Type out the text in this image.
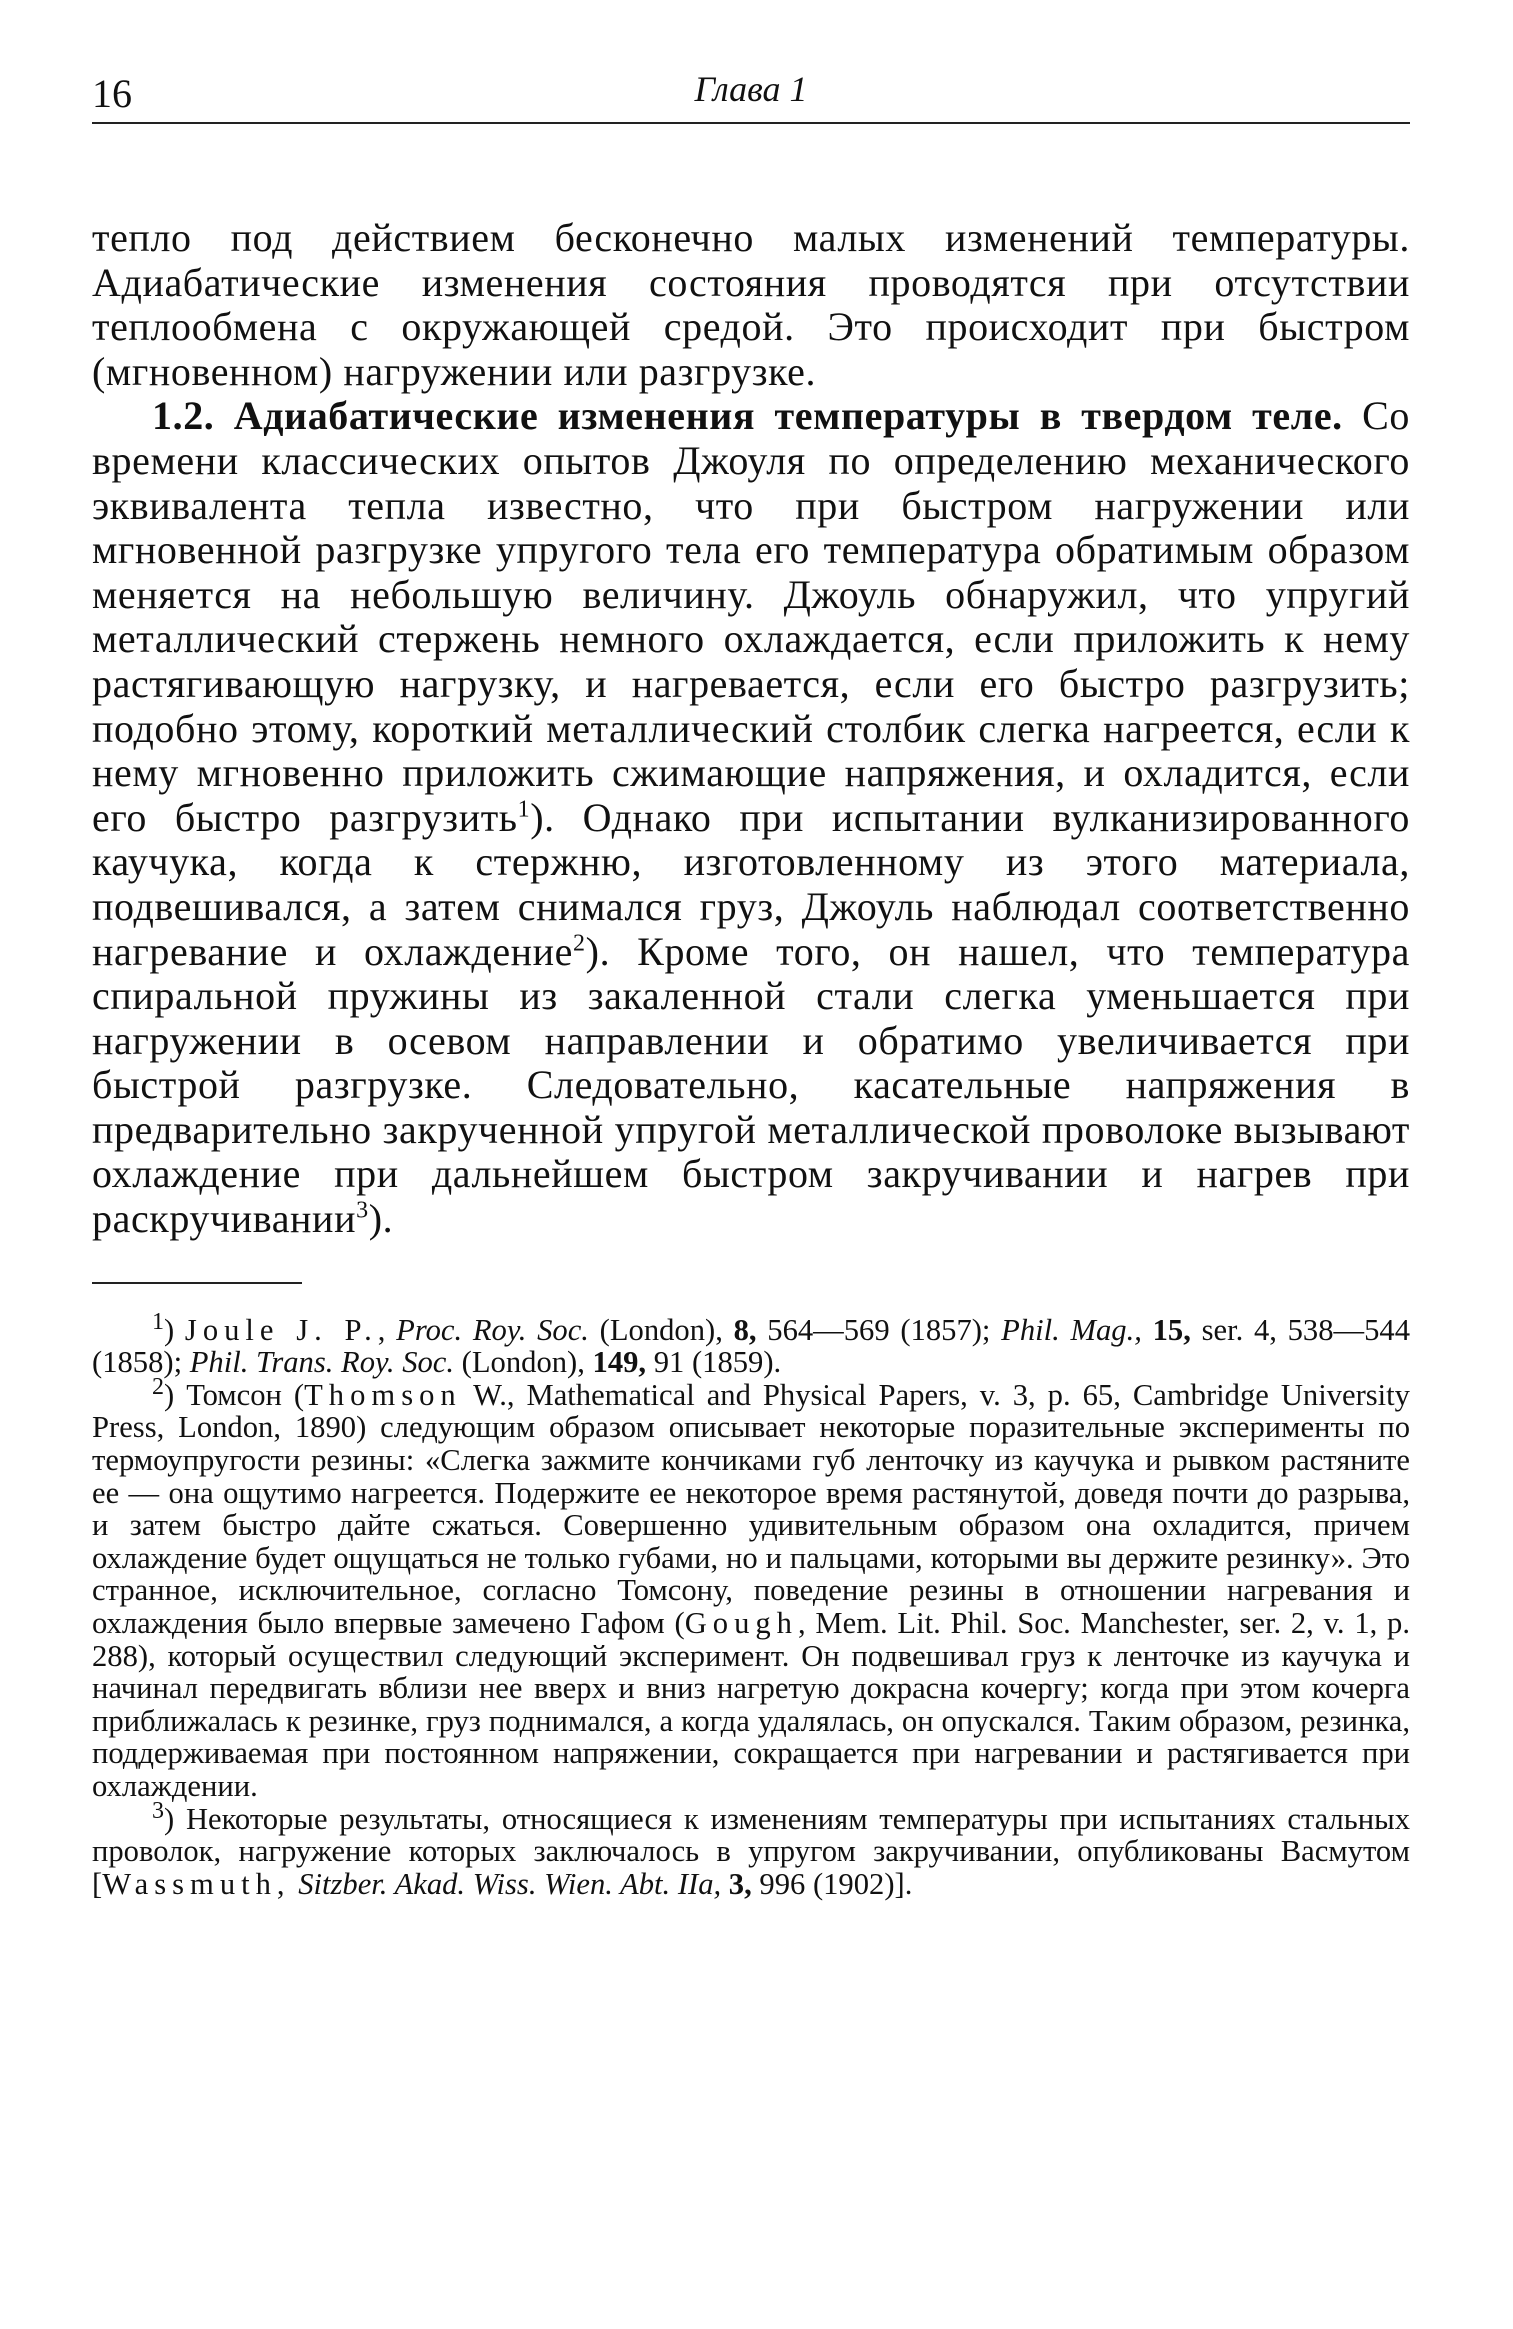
16	Глава 1

тепло под действием бесконечно малых изменений температуры. Адиабатические изменения состояния проводятся при отсутствии теплообмена с окружающей средой. Это происходит при быстром (мгновенном) нагружении или разгрузке.

1.2. Адиабатические изменения температуры в твердом теле. Со времени классических опытов Джоуля по определению механического эквивалента тепла известно, что при быстром нагружении или мгновенной разгрузке упругого тела его температура обратимым образом меняется на небольшую величину. Джоуль обнаружил, что упругий металлический стержень немного охлаждается, если приложить к нему растягивающую нагрузку, и нагревается, если его быстро разгрузить; подобно этому, короткий металлический столбик слегка нагреется, если к нему мгновенно приложить сжимающие напряжения, и охладится, если его быстро разгрузить$^1$). Однако при испытании вулканизированного каучука, когда к стержню, изготовленному из этого материала, подвешивался, а затем снимался груз, Джоуль наблюдал соответственно нагревание и охлаждение$^2$). Кроме того, он нашел, что температура спиральной пружины из закаленной стали слегка уменьшается при нагружении в осевом направлении и обратимо увеличивается при быстрой разгрузке. Следовательно, касательные напряжения в предварительно закрученной упругой металлической проволоке вызывают охлаждение при дальнейшем быстром закручивании и нагрев при раскручивании$^3$).

$^1$) Joule J. P., Proc. Roy. Soc. (London), 8, 564—569 (1857); Phil. Mag., 15, ser. 4, 538—544 (1858); Phil. Trans. Roy. Soc. (London), 149, 91 (1859).

$^2$) Томсон (Thomson W., Mathematical and Physical Papers, v. 3, p. 65, Cambridge University Press, London, 1890) следующим образом описывает некоторые поразительные эксперименты по термоупругости резины: «Слегка зажмите кончиками губ ленточку из каучука и рывком растяните ее — она ощутимо нагреется. Подержите ее некоторое время растянутой, доведя почти до разрыва, и затем быстро дайте сжаться. Совершенно удивительным образом она охладится, причем охлаждение будет ощущаться не только губами, но и пальцами, которыми вы держите резинку». Это странное, исключительное, согласно Томсону, поведение резины в отношении нагревания и охлаждения было впервые замечено Гафом (Gough, Mem. Lit. Phil. Soc. Manchester, ser. 2, v. 1, p. 288), который осуществил следующий эксперимент. Он подвешивал груз к ленточке из каучука и начинал передвигать вблизи нее вверх и вниз нагретую докрасна кочергу; когда при этом кочерга приближалась к резинке, груз поднимался, а когда удалялась, он опускался. Таким образом, резинка, поддерживаемая при постоянном напряжении, сокращается при нагревании и растягивается при охлаждении.

$^3$) Некоторые результаты, относящиеся к изменениям температуры при испытаниях стальных проволок, нагружение которых заключалось в упругом закручивании, опубликованы Васмутом [Wassmuth, Sitzber. Akad. Wiss. Wien. Abt. IIa, 3, 996 (1902)].
